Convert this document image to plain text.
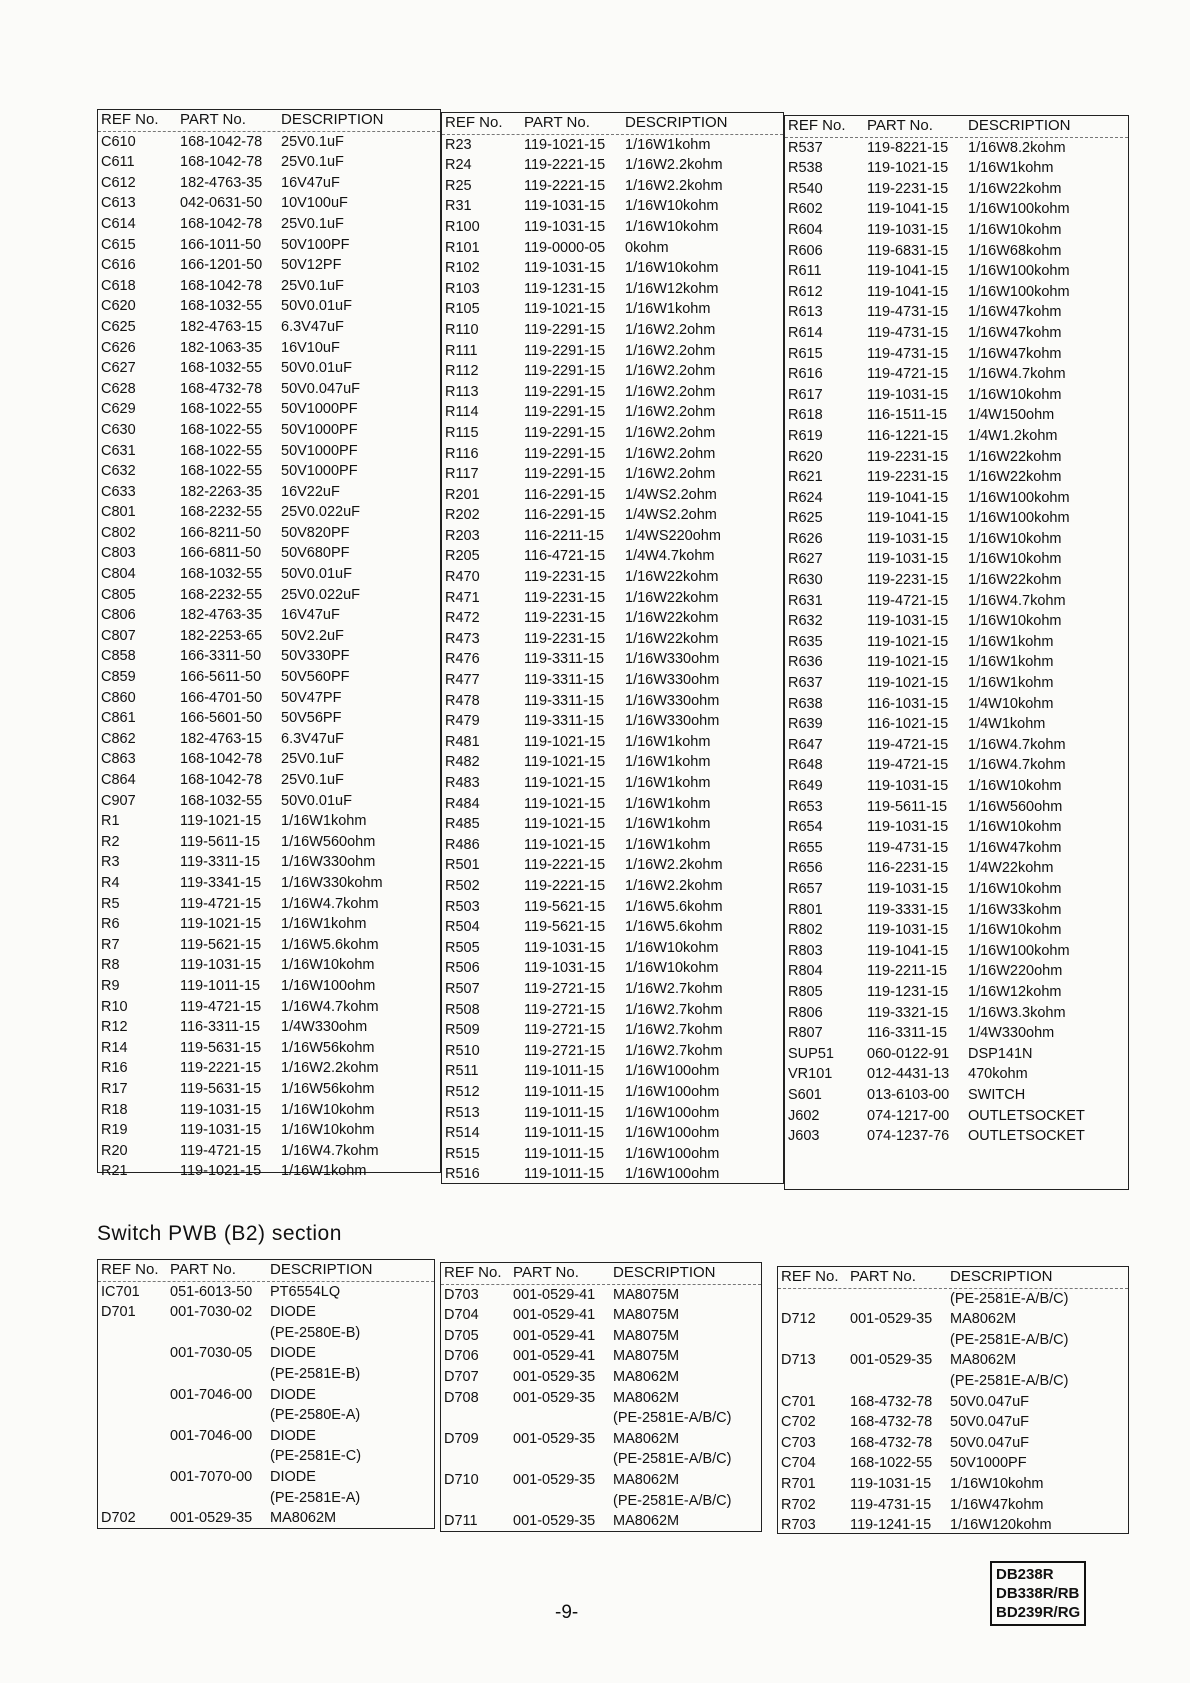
REF No. PART No. DESCRIPTION
C610	168-1042-78 25V0.1uF
C611	168-1042-78 25V0.1uF
C612	182-4763-35 16V47uF
C613	042-0631-50 10V100uF
C614	168-1042-78 25V0.1uF
C615	166-1011-50 50V100PF
C616	166-1201-50 50V12PF
C618	168-1042-78 25V0.1uF
C620	168-1032-55 50V0.01uF
C625	182-4763-15 6.3V47uF
C626	182-1063-35 16V10uF
C627	168-1032-55 50V0.01uF
C628	168-4732-78 50V0.047uF
C629	168-1022-55 50V1000PF
C630	168-1022-55 50V1000PF
C631	168-1022-55 50V1000PF
C632	168-1022-55 50V1000PF
C633	182-2263-35 16V22uF
C801	168-2232-55 25V0.022uF
C802	166-8211-50 50V820PF
C803	166-6811-50 50V680PF
C804	168-1032-55 50V0.01uF
C805	168-2232-55 25V0.022uF
C806	182-4763-35 16V47uF
C807	182-2253-65 50V2.2uF
C858	166-3311-50 50V330PF
C859	166-5611-50 50V560PF
C860	166-4701-50 50V47PF
C861	166-5601-50 50V56PF
C862	182-4763-15 6.3V47uF
C863	168-1042-78 25V0.1uF
C864	168-1042-78 25V0.1uF
C907	168-1032-55 50V0.01uF
R1	119-1021-15 1/16W1kohm
R2	119-5611-15 1/16W560ohm
R3	119-3311-15 1/16W330ohm
R4	119-3341-15 1/16W330kohm
R5	119-4721-15 1/16W4.7kohm
R6	119-1021-15 1/16W1kohm
R7	119-5621-15 1/16W5.6kohm
R8	119-1031-15 1/16W10kohm
R9	119-1011-15 1/16W100ohm
R10	119-4721-15 1/16W4.7kohm
R12	116-3311-15 1/4W330ohm
R14	119-5631-15 1/16W56kohm
R16	119-2221-15 1/16W2.2kohm
R17	119-5631-15 1/16W56kohm
R18	119-1031-15 1/16W10kohm
R19	119-1031-15 1/16W10kohm
R20	119-4721-15 1/16W4.7kohm
R21	119-1021-15 1/16W1kohm
REF No. PART No. DESCRIPTION
R23	119-1021-15 1/16W1kohm
R24	119-2221-15 1/16W2.2kohm
R25	119-2221-15 1/16W2.2kohm
R31	119-1031-15 1/16W10kohm
R100	119-1031-15 1/16W10kohm
R101	119-0000-05 0kohm
R102	119-1031-15 1/16W10kohm
R103	119-1231-15 1/16W12kohm
R105	119-1021-15 1/16W1kohm
R110	119-2291-15 1/16W2.2ohm
R111	119-2291-15 1/16W2.2ohm
R112	119-2291-15 1/16W2.2ohm
R113	119-2291-15 1/16W2.2ohm
R114	119-2291-15 1/16W2.2ohm
R115	119-2291-15 1/16W2.2ohm
R116	119-2291-15 1/16W2.2ohm
R117	119-2291-15 1/16W2.2ohm
R201	116-2291-15 1/4WS2.2ohm
R202	116-2291-15 1/4WS2.2ohm
R203	116-2211-15 1/4WS220ohm
R205	116-4721-15 1/4W4.7kohm
R470	119-2231-15 1/16W22kohm
R471	119-2231-15 1/16W22kohm
R472	119-2231-15 1/16W22kohm
R473	119-2231-15 1/16W22kohm
R476	119-3311-15 1/16W330ohm
R477	119-3311-15 1/16W330ohm
R478	119-3311-15 1/16W330ohm
R479	119-3311-15 1/16W330ohm
R481	119-1021-15 1/16W1kohm
R482	119-1021-15 1/16W1kohm
R483	119-1021-15 1/16W1kohm
R484	119-1021-15 1/16W1kohm
R485	119-1021-15 1/16W1kohm
R486	119-1021-15 1/16W1kohm
R501	119-2221-15 1/16W2.2kohm
R502	119-2221-15 1/16W2.2kohm
R503	119-5621-15 1/16W5.6kohm
R504	119-5621-15 1/16W5.6kohm
R505	119-1031-15 1/16W10kohm
R506	119-1031-15 1/16W10kohm
R507	119-2721-15 1/16W2.7kohm
R508	119-2721-15 1/16W2.7kohm
R509	119-2721-15 1/16W2.7kohm
R510	119-2721-15 1/16W2.7kohm
R511	119-1011-15 1/16W100ohm
R512	119-1011-15 1/16W100ohm
R513	119-1011-15 1/16W100ohm
R514	119-1011-15 1/16W100ohm
R515	119-1011-15 1/16W100ohm
R516	119-1011-15 1/16W100ohm
REF No. PART No. DESCRIPTION
R537	119-8221-15 1/16W8.2kohm
R538	119-1021-15 1/16W1kohm
R540	119-2231-15 1/16W22kohm
R602	119-1041-15 1/16W100kohm
R604	119-1031-15 1/16W10kohm
R606	119-6831-15 1/16W68kohm
R611	119-1041-15 1/16W100kohm
R612	119-1041-15 1/16W100kohm
R613	119-4731-15 1/16W47kohm
R614	119-4731-15 1/16W47kohm
R615	119-4731-15 1/16W47kohm
R616	119-4721-15 1/16W4.7kohm
R617	119-1031-15 1/16W10kohm
R618	116-1511-15 1/4W150ohm
R619	116-1221-15 1/4W1.2kohm
R620	119-2231-15 1/16W22kohm
R621	119-2231-15 1/16W22kohm
R624	119-1041-15 1/16W100kohm
R625	119-1041-15 1/16W100kohm
R626	119-1031-15 1/16W10kohm
R627	119-1031-15 1/16W10kohm
R630	119-2231-15 1/16W22kohm
R631	119-4721-15 1/16W4.7kohm
R632	119-1031-15 1/16W10kohm
R635	119-1021-15 1/16W1kohm
R636	119-1021-15 1/16W1kohm
R637	119-1021-15 1/16W1kohm
R638	116-1031-15 1/4W10kohm
R639	116-1021-15 1/4W1kohm
R647	119-4721-15 1/16W4.7kohm
R648	119-4721-15 1/16W4.7kohm
R649	119-1031-15 1/16W10kohm
R653	119-5611-15 1/16W560ohm
R654	119-1031-15 1/16W10kohm
R655	119-4731-15 1/16W47kohm
R656	116-2231-15 1/4W22kohm
R657	119-1031-15 1/16W10kohm
R801	119-3331-15 1/16W33kohm
R802	119-1031-15 1/16W10kohm
R803	119-1041-15 1/16W100kohm
R804	119-2211-15 1/16W220ohm
R805	119-1231-15 1/16W12kohm
R806	119-3321-15 1/16W3.3kohm
R807	116-3311-15 1/4W330ohm
SUP51 060-0122-91 DSP141N
VR101 012-4431-13 470kohm
S601	013-6103-00 SWITCH
J602	074-1217-00 OUTLETSOCKET
J603	074-1237-76 OUTLETSOCKET
Switch PWB (B2) section
REF No. PART No. DESCRIPTION
IC701 051-6013-50 PT6554LQ
D701 001-7030-02 DIODE
(PE-2580E-B)
001-7030-05 DIODE
(PE-2581E-B)
001-7046-00 DIODE
(PE-2580E-A)
001-7046-00 DIODE
(PE-2581E-C)
001-7070-00 DIODE
(PE-2581E-A)
D702 001-0529-35 MA8062M
REF No. PART No. DESCRIPTION
D703 001-0529-41 MA8075M
D704 001-0529-41 MA8075M
D705 001-0529-41 MA8075M
D706 001-0529-41 MA8075M
D707 001-0529-35 MA8062M
D708 001-0529-35 MA8062M
(PE-2581E-A/B/C)
D709 001-0529-35 MA8062M
(PE-2581E-A/B/C)
D710 001-0529-35 MA8062M
(PE-2581E-A/B/C)
D711 001-0529-35 MA8062M
REF No. PART No. DESCRIPTION
(PE-2581E-A/B/C)
D712 001-0529-35 MA8062M
(PE-2581E-A/B/C)
D713 001-0529-35 MA8062M
(PE-2581E-A/B/C)
C701 168-4732-78 50V0.047uF
C702 168-4732-78 50V0.047uF
C703 168-4732-78 50V0.047uF
C704 168-1022-55 50V1000PF
R701 119-1031-15 1/16W10kohm
R702 119-4731-15 1/16W47kohm
R703 119-1241-15 1/16W120kohm
-9-
DB238R
DB338R/RB
BD239R/RG
